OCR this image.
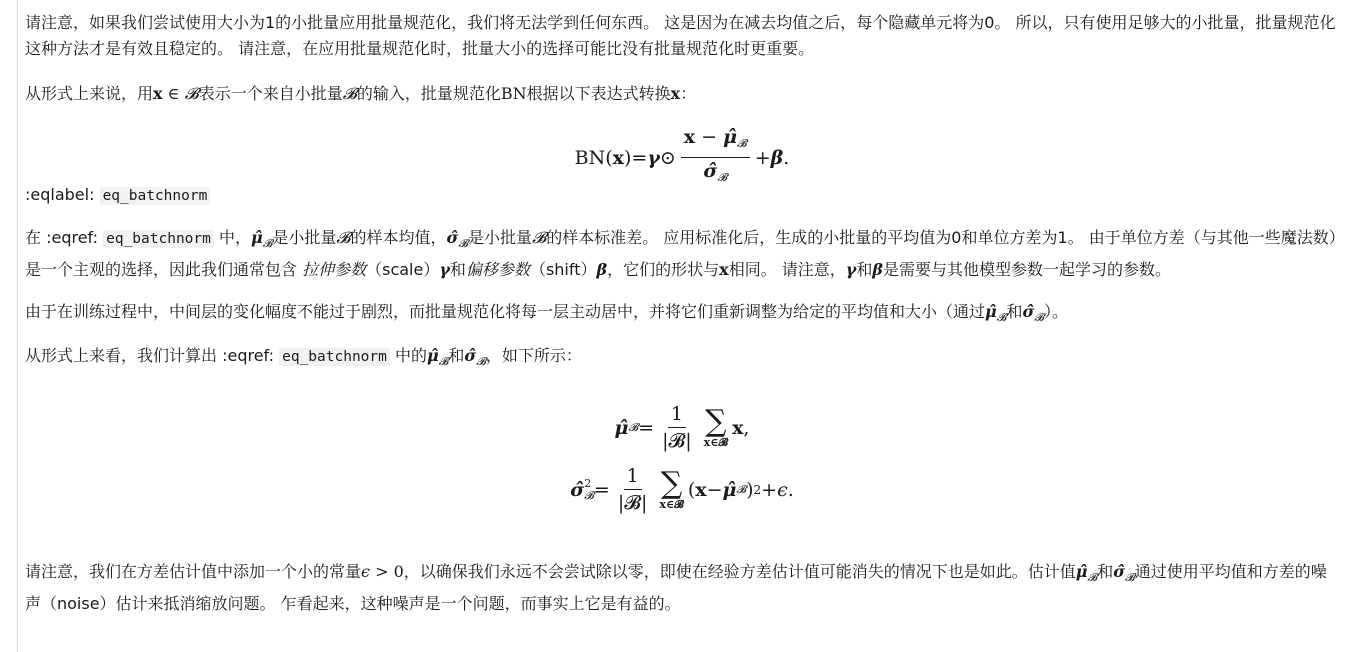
请注意，如果我们尝试使用大小为1的小批量应用批量规范化，我们将无法学到任何东西。 这是因为在减去均值之后，每个隐藏单元将为0。 所以，只有使用足够大的小批量，批量规范化这种方法才是有效且稳定的。 请注意，在应用批量规范化时，批量大小的选择可能比没有批量规范化时更重要。

从形式上来说，用x ∈ 𝓑表示一个来自小批量𝓑的输入，批量规范化BN根据以下表达式转换x：

BN( x ) = γ ⊙ $\frac{x - \mû_𝓑}{\sigmâ_𝓑} + \beta$ .

:eqlabel: eq_batchnorm

在 :eqref: eq_batchnorm 中，$\mû_𝓑$是小批量𝓑的样本均值，$\sigmâ_𝓑$是小批量𝓑的样本标准差。 应用标准化后，生成的小批量的平均值为0和单位方差为1。 由于单位方差（与其他一些魔法数）是一个主观的选择，因此我们通常包含 拉伸参数（scale）γ和偏移参数（shift）β，它们的形状与x相同。 请注意，γ和β是需要与其他模型参数一起学习的参数。

由于在训练过程中，中间层的变化幅度不能过于剧烈，而批量规范化将每一层主动居中，并将它们重新调整为给定的平均值和大小（通过$\mû_𝓑$和$\sigmâ_𝓑$）。

从形式上来看，我们计算出 :eqref: eq_batchnorm 中的$\mû_𝓑$和$\sigmâ_𝓑$，如下所示：

μ̂ 𝓑 = $\frac{1}{\text{|𝓑|}}$ ∑
x∈𝓑
x ,
σ̂ 2
𝓑 = $\frac{1}{\text{|𝓑|}}$ ∑
x∈𝓑
( x − μ̂ 𝓑 ) 2 + ϵ .

请注意，我们在方差估计值中添加一个小的常量ϵ > 0，以确保我们永远不会尝试除以零，即使在经验方差估计值可能消失的情况下也是如此。估计值$\mû_𝓑$和$\sigmâ_𝓑$通过使用平均值和方差的噪声（noise）估计来抵消缩放问题。 乍看起来，这种噪声是一个问题，而事实上它是有益的。
